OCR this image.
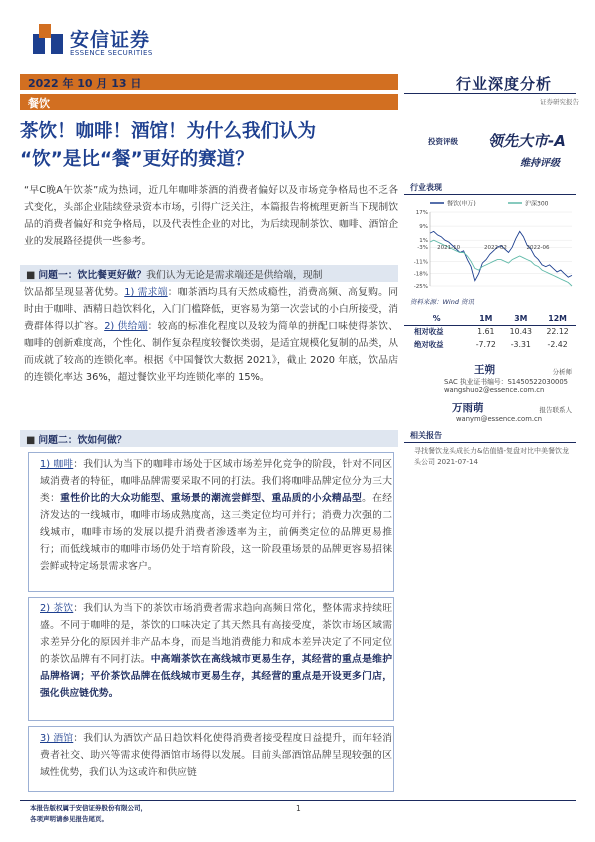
安信证券
ESSENCE SECURITIES
2022 年 10 月 13 日
餐饮
行业深度分析
证券研究报告
茶饮！咖啡！酒馆！为什么我们认为
“饮”是比“餐”更好的赛道？
投资评级 领先大市-A
维持评级
“早C晚A午饮茶”成为热词，近几年咖啡茶酒的消费者偏好以及市场竞争格局也不乏各式变化，头部企业陆续登录资本市场，引得广泛关注，本篇报告将梳理更新当下现制饮品的消费者偏好和竞争格局，以及代表性企业的对比，为后续现制茶饮、咖啡、酒馆企业的发展路径提供一些参考。
■ 问题一：饮比餐更好做？我们认为无论是需求端还是供给端，现制
饮品都呈现显著优势。1) 需求端：咖茶酒均具有天然成瘾性，消费高频、高复购。同时由于咖啡、酒精日趋饮料化，入门门槛降低，更容易为第一次尝试的小白所接受，消费群体得以扩容。2) 供给端：较高的标准化程度以及较为简单的拼配口味使得茶饮、咖啡的创新难度高，个性化、制作复杂程度较餐饮类弱，是适宜规模化复制的品类，从而成就了较高的连锁化率。根据《中国餐饮大数据 2021》，截止 2020 年底，饮品店的连锁化率达 36%，超过餐饮业平均连锁化率的 15%。
■ 问题二：饮如何做？
1) 咖啡：我们认为当下的咖啡市场处于区域市场差异化竞争的阶段，针对不同区域消费者的特征，咖啡品牌需要采取不同的打法。我们将咖啡品牌定位分为三大类：重性价比的大众功能型、重场景的潮流尝鲜型、重品质的小众精品型。在经济发达的一线城市，咖啡市场成熟度高，这三类定位均可并行；消费力次强的二线城市，咖啡市场的发展以提升消费者渗透率为主，前俩类定位的品牌更易推行；而低线城市的咖啡市场仍处于培育阶段，这一阶段重场景的品牌更容易招徕尝鲜或特定场景需求客户。
2) 茶饮：我们认为当下的茶饮市场消费者需求趋向高频日常化，整体需求持续旺盛。不同于咖啡的是，茶饮的口味决定了其天然具有高接受度，茶饮市场区域需求差异分化的原因并非产品本身，而是当地消费能力和成本差异决定了不同定位的茶饮品牌有不同打法。中高端茶饮在高线城市更易生存，其经营的重点是维护品牌格调；平价茶饮品牌在低线城市更易生存，其经营的重点是开设更多门店，强化供应链优势。
3) 酒馆：我们认为酒饮产品日趋饮料化使得消费者接受程度日益提升，而年轻消费者社交、助兴等需求使得酒馆市场得以发展。目前头部酒馆品牌呈现较强的区域性优势，我们认为这或许和供应链
行业表现
餐饮(申万)	沪深300
17%
9%
1%
-3%
-11%
-18%
-25%
2021-10	2022-02	2022-06
资料来源：Wind 资讯
%	1M	3M	12M
相对收益	1.61	10.43	22.12
绝对收益	-7.72	-3.31	-2.42
王朔	分析师
SAC 执业证书编号：S1450522030005
wangshuo2@essence.com.cn
万雨萌	报告联系人
wanym@essence.com.cn
相关报告
寻找餐饮龙头成长力&估值锚-复盘对比中美餐饮龙头公司 2021-07-14
本报告版权属于安信证券股份有限公司，
各项声明请参见报告尾页。
1
